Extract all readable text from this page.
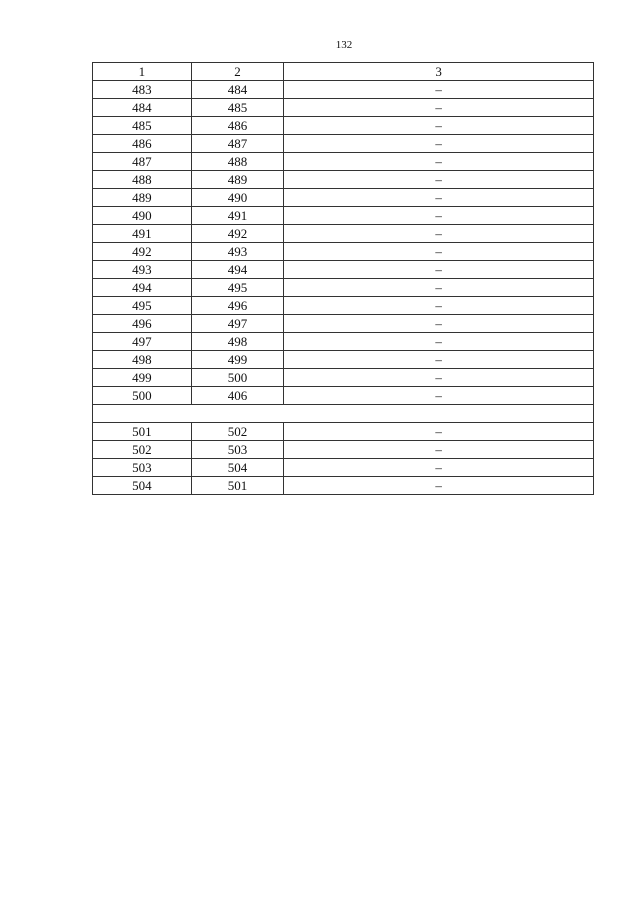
132
1	2	3
483	484	–
484	485	–
485	486	–
486	487	–
487	488	–
488	489	–
489	490	–
490	491	–
491	492	–
492	493	–
493	494	–
494	495	–
495	496	–
496	497	–
497	498	–
498	499	–
499	500	–
500	406	–

501	502	–
502	503	–
503	504	–
504	501	–
